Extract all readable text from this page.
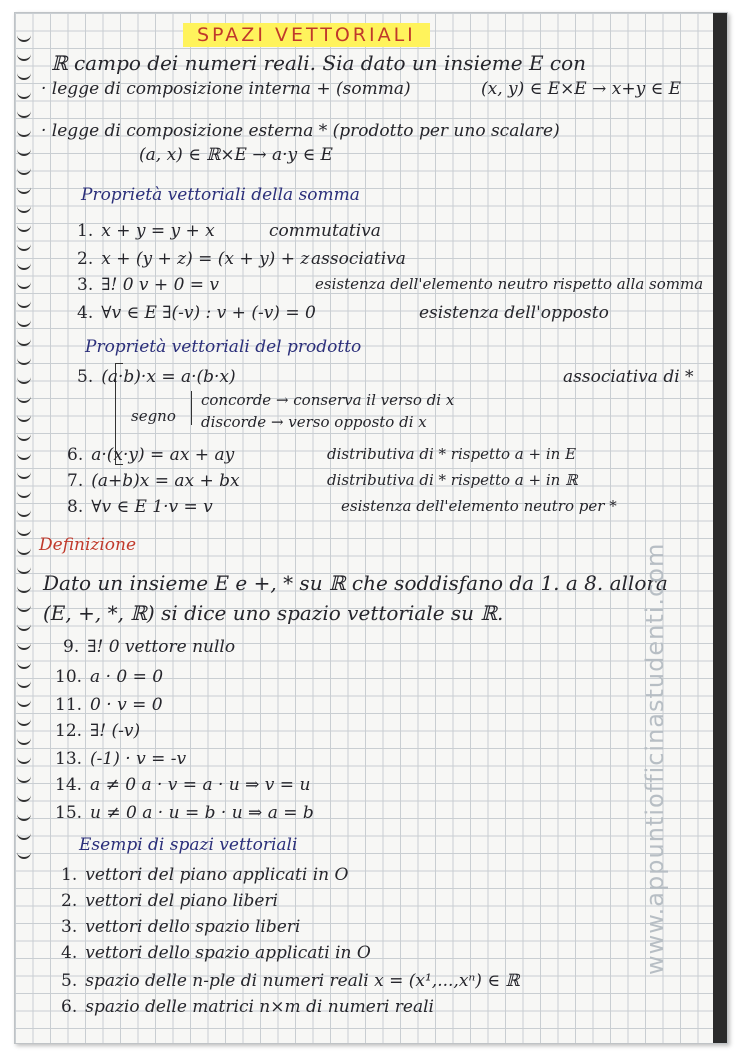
SPAZI VETTORIALI
ℝ campo dei numeri reali. Sia dato un insieme E con
· legge di composizione interna + (somma)	(x, y) ∈ E×E → x+y ∈ E
· legge di composizione esterna * (prodotto per uno scalare)
(a, x) ∈ ℝ×E → a·y ∈ E
Proprietà vettoriali della somma
1. x + y = y + x	commutativa
2. x + (y + z) = (x + y) + z associativa
3. ∃! 0 v + 0 = v	esistenza dell'elemento neutro rispetto alla somma
4. ∀v ∈ E ∃(-v) : v + (-v) = 0	esistenza dell'opposto
Proprietà vettoriali del prodotto
5. (a·b)·x = a·(b·x)	associativa di *
segno
concorde → conserva il verso di x
discorde → verso opposto di x
6. a·(x·y) = ax + ay	distributiva di * rispetto a + in E
7. (a+b)x = ax + bx	distributiva di * rispetto a + in ℝ
8. ∀v ∈ E 1·v = v	esistenza dell'elemento neutro per *
Definizione
Dato un insieme E e +, * su ℝ che soddisfano da 1. a 8. allora
(E, +, *, ℝ) si dice uno spazio vettoriale su ℝ.
9. ∃! 0 vettore nullo
10. a · 0 = 0
11. 0 · v = 0
12. ∃! (-v)
13. (-1) · v = -v
14. a ≠ 0 a · v = a · u ⇒ v = u
15. u ≠ 0 a · u = b · u ⇒ a = b
Esempi di spazi vettoriali
1. vettori del piano applicati in O
2. vettori del piano liberi
3. vettori dello spazio liberi
4. vettori dello spazio applicati in O
5. spazio delle n-ple di numeri reali x = (x¹,...,xⁿ) ∈ ℝ
6. spazio delle matrici n×m di numeri reali
www.appuntiofficinastudenti.com
